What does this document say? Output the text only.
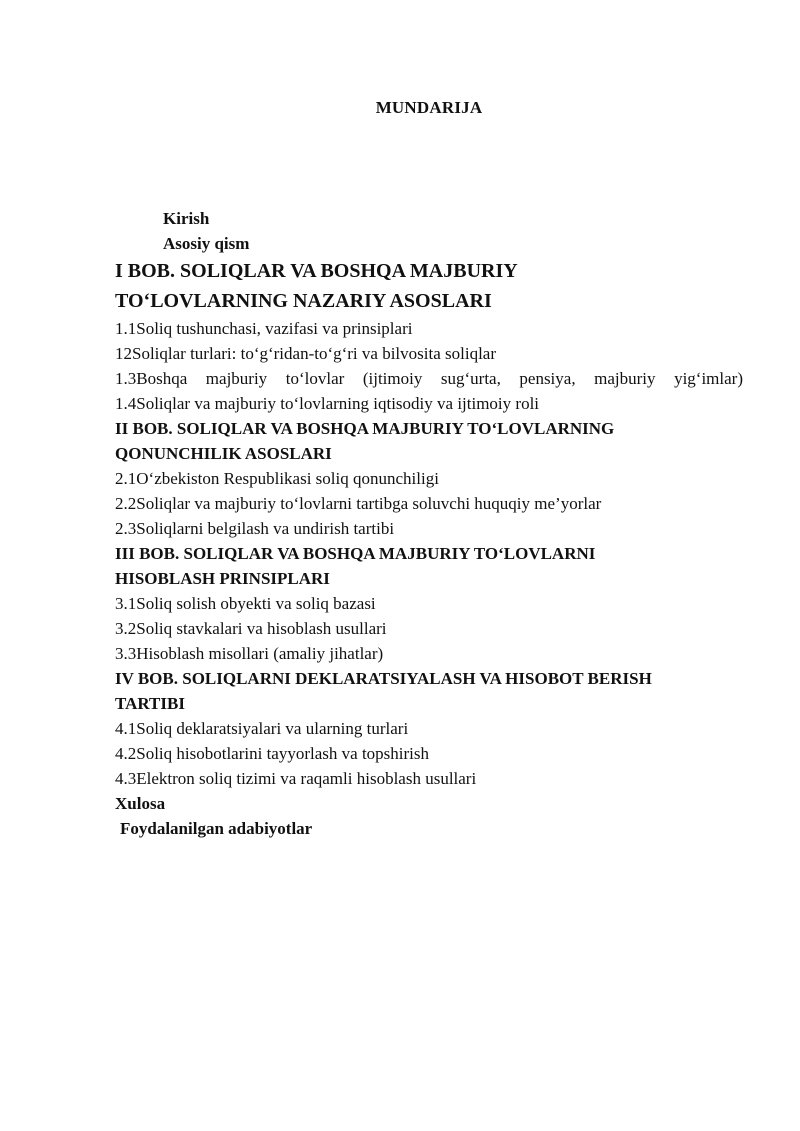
MUNDARIJA
Kirish
Asosiy qism
I BOB. SOLIQLAR VA BOSHQA MAJBURIY
TO‘LOVLARNING NAZARIY ASOSLARI
1.1Soliq tushunchasi, vazifasi va prinsiplari
12Soliqlar turlari: to‘g‘ridan-to‘g‘ri va bilvosita soliqlar
1.3Boshqa majburiy to‘lovlar (ijtimoiy sug‘urta, pensiya, majburiy yig‘imlar)
1.4Soliqlar va majburiy to‘lovlarning iqtisodiy va ijtimoiy roli
II BOB. SOLIQLAR VA BOSHQA MAJBURIY TO‘LOVLARNING
QONUNCHILIK ASOSLARI
2.1O‘zbekiston Respublikasi soliq qonunchiligi
2.2Soliqlar va majburiy to‘lovlarni tartibga soluvchi huquqiy me’yorlar
2.3Soliqlarni belgilash va undirish tartibi
III BOB. SOLIQLAR VA BOSHQA MAJBURIY TO‘LOVLARNI
HISOBLASH PRINSIPLARI
3.1Soliq solish obyekti va soliq bazasi
3.2Soliq stavkalari va hisoblash usullari
3.3Hisoblash misollari (amaliy jihatlar)
IV BOB. SOLIQLARNI DEKLARATSIYALASH VA HISOBOT BERISH
TARTIBI
4.1Soliq deklaratsiyalari va ularning turlari
4.2Soliq hisobotlarini tayyorlash va topshirish
4.3Elektron soliq tizimi va raqamli hisoblash usullari
Xulosa
Foydalanilgan adabiyotlar
